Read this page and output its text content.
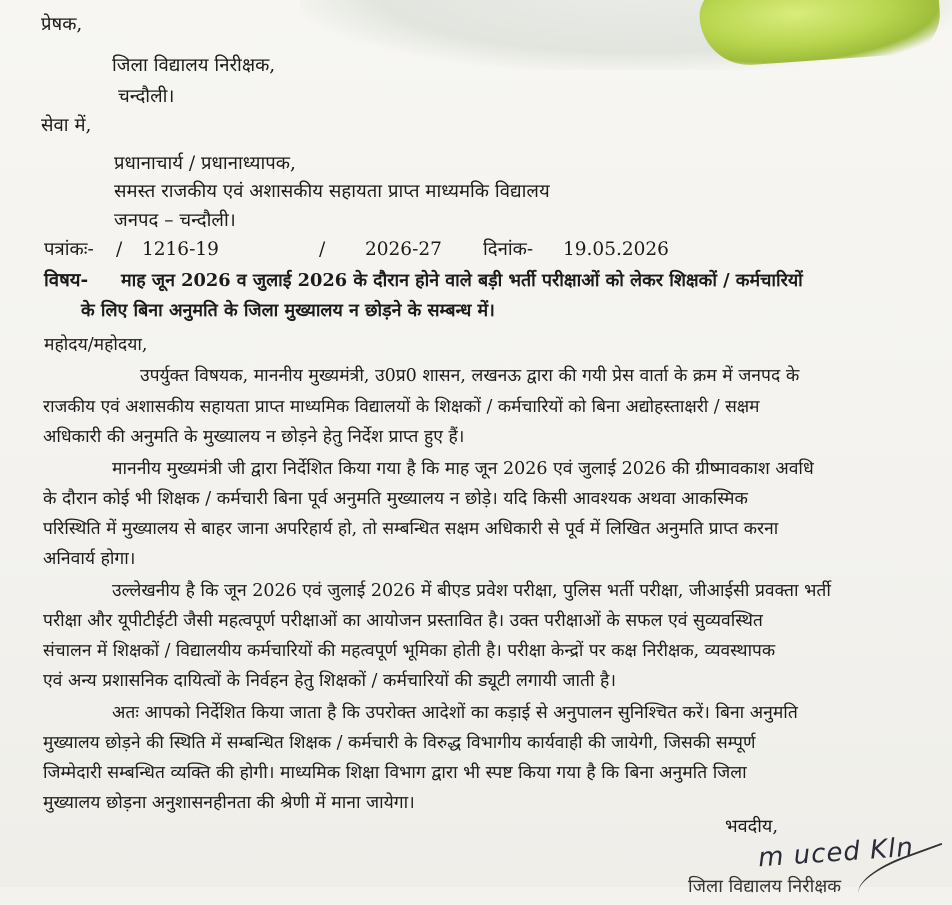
प्रेषक,
जिला विद्यालय निरीक्षक,
चन्दौली।
सेवा में,
प्रधानाचार्य / प्रधानाध्यापक,
समस्त राजकीय एवं अशासकीय सहायता प्राप्त माध्यमकि विद्यालय
जनपद – चन्दौली।
पत्रांकः- / 1216-19	/ 2026-27 दिनांक- 19.05.2026
विषय- माह जून 2026 व जुलाई 2026 के दौरान होने वाले बड़ी भर्ती परीक्षाओं को लेकर शिक्षकों / कर्मचारियों
के लिए बिना अनुमति के जिला मुख्यालय न छोड़ने के सम्बन्ध में।
महोदय/महोदया,
उपर्युक्त विषयक, माननीय मुख्यमंत्री, उ0प्र0 शासन, लखनऊ द्वारा की गयी प्रेस वार्ता के क्रम में जनपद के
राजकीय एवं अशासकीय सहायता प्राप्त माध्यमिक विद्यालयों के शिक्षकों / कर्मचारियों को बिना अद्योहस्ताक्षरी / सक्षम
अधिकारी की अनुमति के मुख्यालय न छोड़ने हेतु निर्देश प्राप्त हुए हैं।
माननीय मुख्यमंत्री जी द्वारा निर्देशित किया गया है कि माह जून 2026 एवं जुलाई 2026 की ग्रीष्मावकाश अवधि
के दौरान कोई भी शिक्षक / कर्मचारी बिना पूर्व अनुमति मुख्यालय न छोड़े। यदि किसी आवश्यक अथवा आकस्मिक
परिस्थिति में मुख्यालय से बाहर जाना अपरिहार्य हो, तो सम्बन्धित सक्षम अधिकारी से पूर्व में लिखित अनुमति प्राप्त करना
अनिवार्य होगा।
उल्लेखनीय है कि जून 2026 एवं जुलाई 2026 में बीएड प्रवेश परीक्षा, पुलिस भर्ती परीक्षा, जीआईसी प्रवक्ता भर्ती
परीक्षा और यूपीटीईटी जैसी महत्वपूर्ण परीक्षाओं का आयोजन प्रस्तावित है। उक्त परीक्षाओं के सफल एवं सुव्यवस्थित
संचालन में शिक्षकों / विद्यालयीय कर्मचारियों की महत्वपूर्ण भूमिका होती है। परीक्षा केन्द्रों पर कक्ष निरीक्षक, व्यवस्थापक
एवं अन्य प्रशासनिक दायित्वों के निर्वहन हेतु शिक्षकों / कर्मचारियों की ड्यूटी लगायी जाती है।
अतः आपको निर्देशित किया जाता है कि उपरोक्त आदेशों का कड़ाई से अनुपालन सुनिश्चित करें। बिना अनुमति
मुख्यालय छोड़ने की स्थिति में सम्बन्धित शिक्षक / कर्मचारी के विरुद्ध विभागीय कार्यवाही की जायेगी, जिसकी सम्पूर्ण
जिम्मेदारी सम्बन्धित व्यक्ति की होगी। माध्यमिक शिक्षा विभाग द्वारा भी स्पष्ट किया गया है कि बिना अनुमति जिला
मुख्यालय छोड़ना अनुशासनहीनता की श्रेणी में माना जायेगा।
भवदीय,
m uced Kln
जिला विद्यालय निरीक्षक
